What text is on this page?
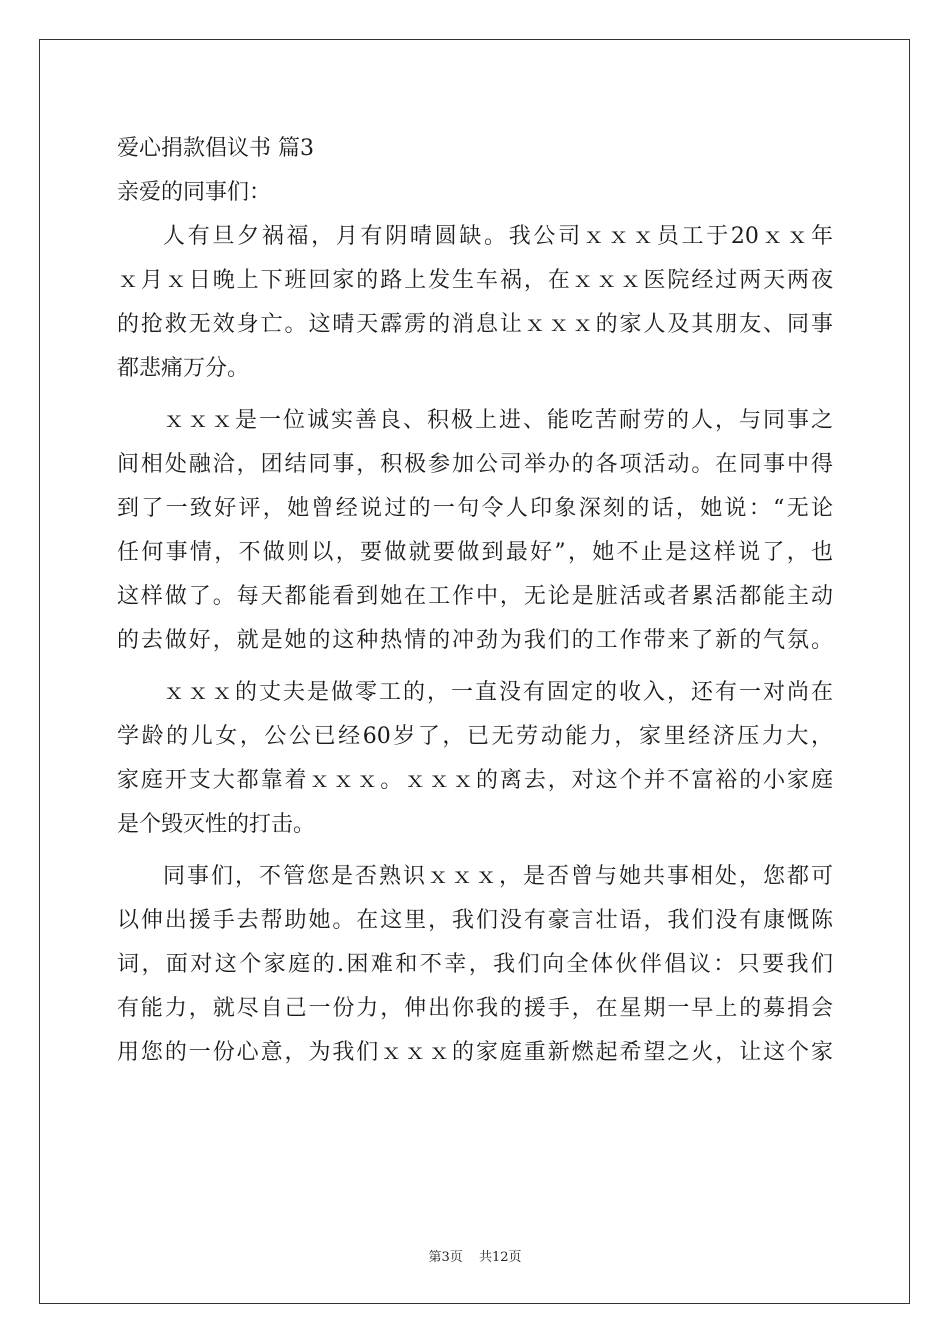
爱心捐款倡议书 篇3
亲爱的同事们：
人有旦夕祸福，月有阴晴圆缺。我公司ｘｘｘ员工于20ｘｘ年
ｘ月ｘ日晚上下班回家的路上发生车祸，在ｘｘｘ医院经过两天两夜
的抢救无效身亡。这晴天霹雳的消息让ｘｘｘ的家人及其朋友、同事
都悲痛万分。
ｘｘｘ是一位诚实善良、积极上进、能吃苦耐劳的人，与同事之
间相处融洽，团结同事，积极参加公司举办的各项活动。在同事中得
到了一致好评，她曾经说过的一句令人印象深刻的话，她说：“无论
任何事情，不做则以，要做就要做到最好”，她不止是这样说了，也
这样做了。每天都能看到她在工作中，无论是脏活或者累活都能主动
的去做好，就是她的这种热情的冲劲为我们的工作带来了新的气氛。
ｘｘｘ的丈夫是做零工的，一直没有固定的收入，还有一对尚在
学龄的儿女，公公已经60岁了，已无劳动能力，家里经济压力大，
家庭开支大都靠着ｘｘｘ。ｘｘｘ的离去，对这个并不富裕的小家庭
是个毁灭性的打击。
同事们，不管您是否熟识ｘｘｘ，是否曾与她共事相处，您都可
以伸出援手去帮助她。在这里，我们没有豪言壮语，我们没有康慨陈
词，面对这个家庭的.困难和不幸，我们向全体伙伴倡议：只要我们
有能力，就尽自己一份力，伸出你我的援手，在星期一早上的募捐会
用您的一份心意，为我们ｘｘｘ的家庭重新燃起希望之火，让这个家
第3页 共12页
